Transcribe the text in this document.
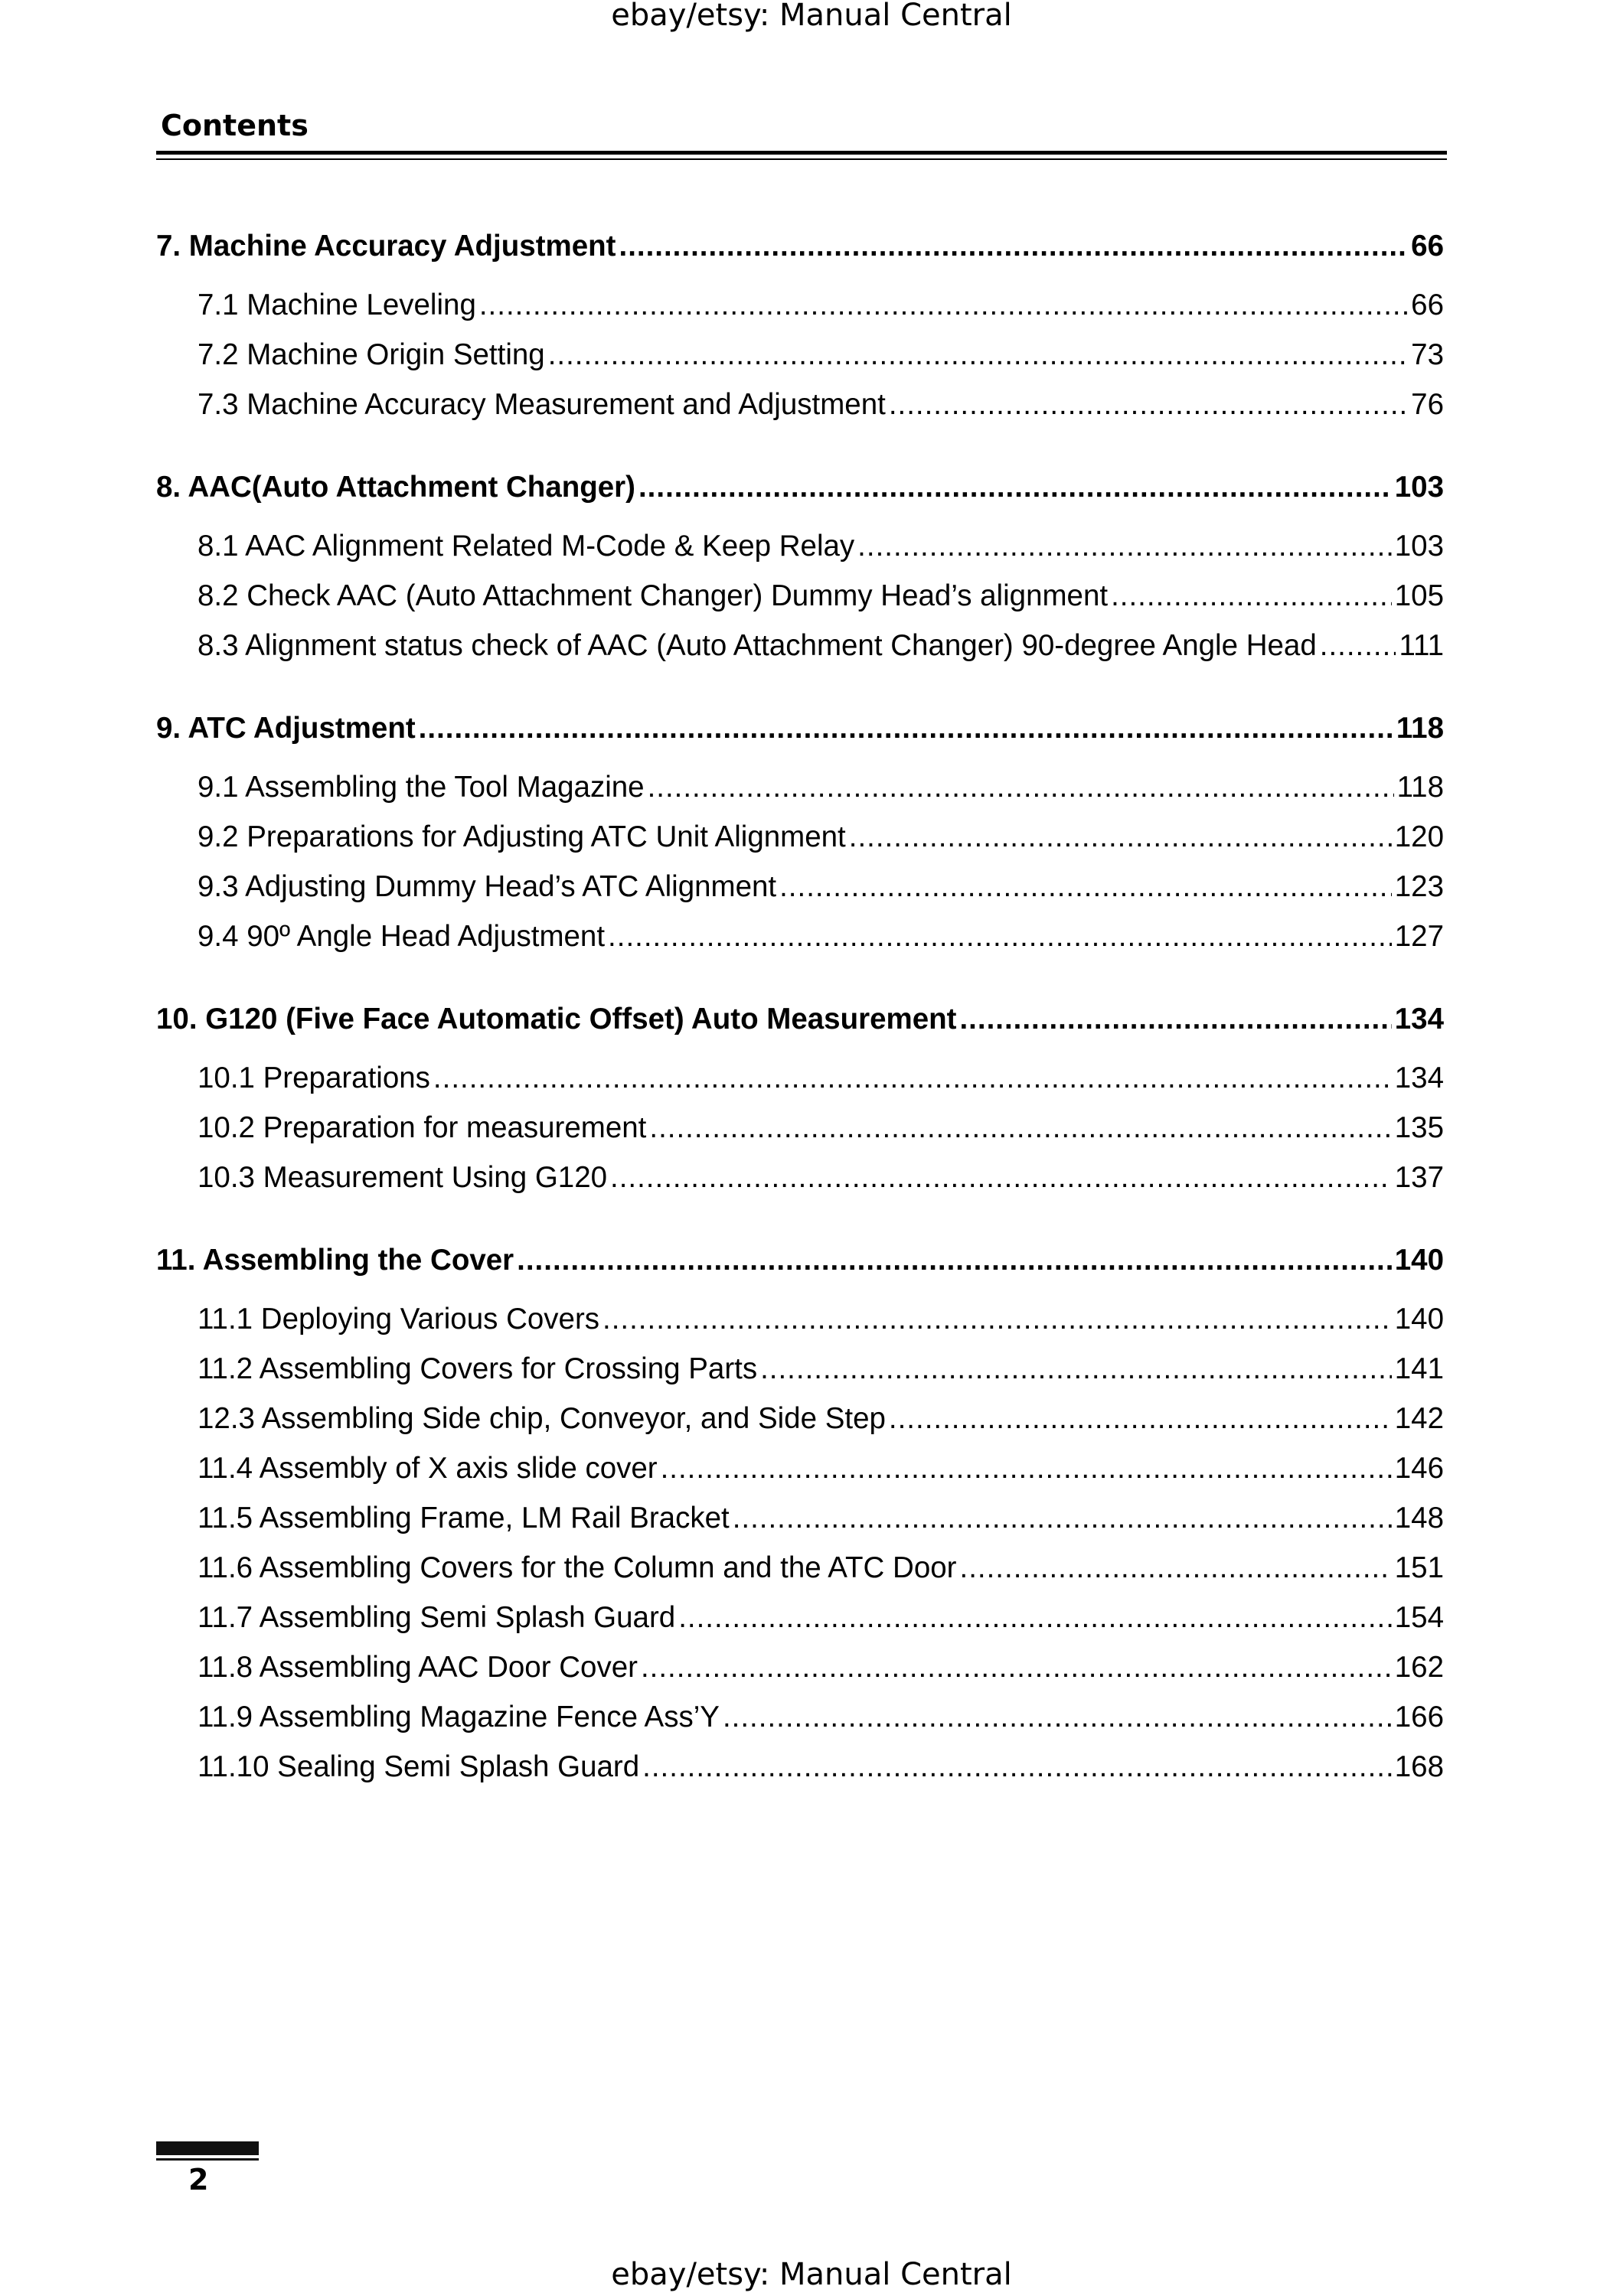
ebay/etsy: Manual Central
Contents
7. Machine Accuracy Adjustment .....	66
7.1 Machine Leveling .....	66
7.2 Machine Origin Setting .....	73
7.3 Machine Accuracy Measurement and Adjustment .....	76
8. AAC(Auto Attachment Changer) .....	103
8.1 AAC Alignment Related M-Code & Keep Relay .....	103
8.2 Check AAC (Auto Attachment Changer) Dummy Head’s alignment .....	105
8.3 Alignment status check of AAC (Auto Attachment Changer) 90-degree Angle Head .....	111
9. ATC Adjustment .....	118
9.1 Assembling the Tool Magazine .....	118
9.2 Preparations for Adjusting ATC Unit Alignment .....	120
9.3 Adjusting Dummy Head’s ATC Alignment .....	123
9.4 90º Angle Head Adjustment .....	127
10. G120 (Five Face Automatic Offset) Auto Measurement .....	134
10.1 Preparations .....	134
10.2 Preparation for measurement .....	135
10.3 Measurement Using G120 .....	137
11. Assembling the Cover .....	140
11.1 Deploying Various Covers .....	140
11.2 Assembling Covers for Crossing Parts .....	141
12.3 Assembling Side chip, Conveyor, and Side Step .....	142
11.4 Assembly of X axis slide cover .....	146
11.5 Assembling Frame, LM Rail Bracket .....	148
11.6 Assembling Covers for the Column and the ATC Door .....	151
11.7 Assembling Semi Splash Guard .....	154
11.8 Assembling AAC Door Cover .....	162
11.9 Assembling Magazine Fence Ass’Y .....	166
11.10 Sealing Semi Splash Guard .....	168
2
ebay/etsy: Manual Central
